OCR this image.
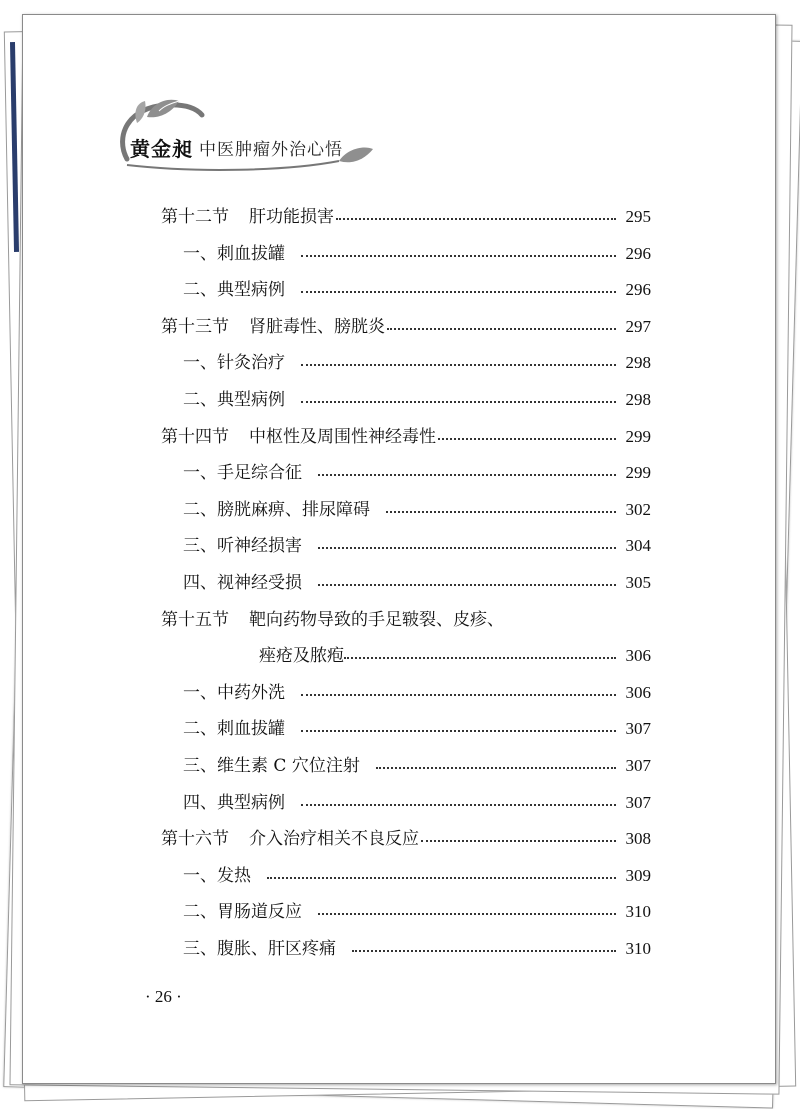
黄金昶 中医肿瘤外治心悟
第十二节 肝功能损害	295
一、刺血拔罐	296
二、典型病例	296
第十三节 肾脏毒性、膀胱炎	297
一、针灸治疗	298
二、典型病例	298
第十四节 中枢性及周围性神经毒性	299
一、手足综合征	299
二、膀胱麻痹、排尿障碍	302
三、听神经损害	304
四、视神经受损	305
第十五节 靶向药物导致的手足皲裂、皮疹、
痤疮及脓疱	306
一、中药外洗	306
二、刺血拔罐	307
三、维生素 C 穴位注射	307
四、典型病例	307
第十六节 介入治疗相关不良反应	308
一、发热	309
二、胃肠道反应	310
三、腹胀、肝区疼痛	310
· 26 ·
